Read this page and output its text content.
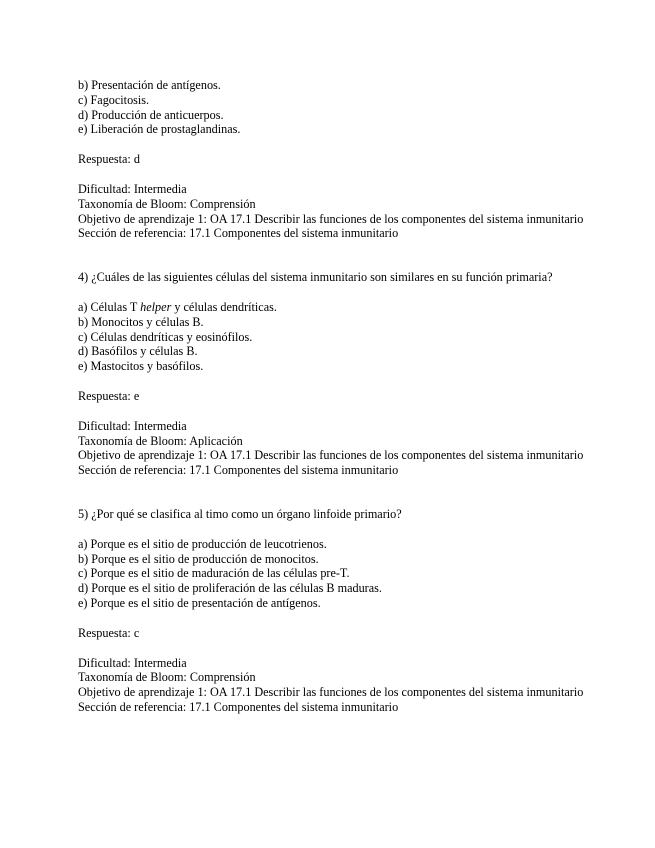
b) Presentación de antígenos.
c) Fagocitosis.
d) Producción de anticuerpos.
e) Liberación de prostaglandinas.
Respuesta: d
Dificultad: Intermedia
Taxonomía de Bloom: Comprensión
Objetivo de aprendizaje 1: OA 17.1 Describir las funciones de los componentes del sistema inmunitario
Sección de referencia: 17.1 Componentes del sistema inmunitario
4) ¿Cuáles de las siguientes células del sistema inmunitario son similares en su función primaria?
a) Células T helper y células dendríticas.
b) Monocitos y células B.
c) Células dendríticas y eosinófilos.
d) Basófilos y células B.
e) Mastocitos y basófilos.
Respuesta: e
Dificultad: Intermedia
Taxonomía de Bloom: Aplicación
Objetivo de aprendizaje 1: OA 17.1 Describir las funciones de los componentes del sistema inmunitario
Sección de referencia: 17.1 Componentes del sistema inmunitario
5) ¿Por qué se clasifica al timo como un órgano linfoide primario?
a) Porque es el sitio de producción de leucotrienos.
b) Porque es el sitio de producción de monocitos.
c) Porque es el sitio de maduración de las células pre-T.
d) Porque es el sitio de proliferación de las células B maduras.
e) Porque es el sitio de presentación de antígenos.
Respuesta: c
Dificultad: Intermedia
Taxonomía de Bloom: Comprensión
Objetivo de aprendizaje 1: OA 17.1 Describir las funciones de los componentes del sistema inmunitario
Sección de referencia: 17.1 Componentes del sistema inmunitario
